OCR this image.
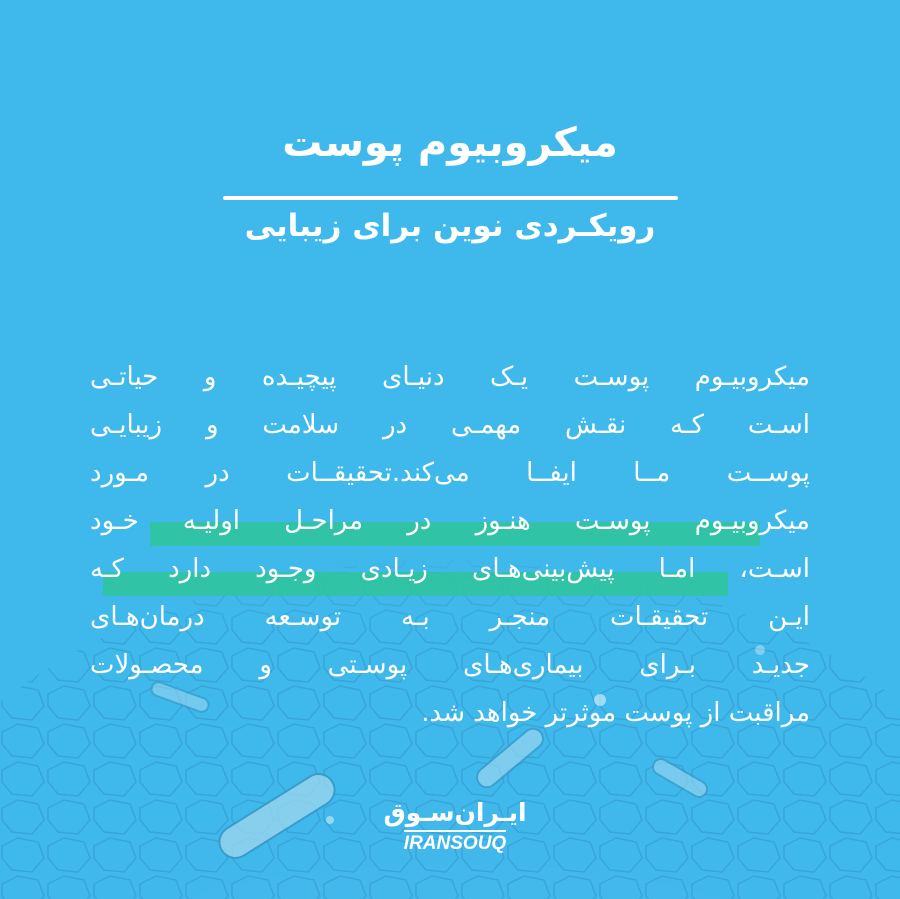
میکروبیوم پوست
رویکـردی نوین برای زیبایی
میکروبیـوم پوسـت یـک دنیـای پیچیـده و حیاتـی
اسـت کـه نقـش مهمـی در سلامت و زیبایـی
پوســت مــا ایفــا می‌کند.تحقیقــات در مـورد
میکروبیـوم پوسـت هنـوز در مراحـل اولیـه خـود
اسـت، امـا پیش‌بینی‌هـای زیـادی وجـود دارد کـه
ایـن تحقیقـات منجـر بـه توسـعه درمان‌هـای
جدیـد بـرای بیماری‌هـای پوسـتی و محصـولات
مراقبت از پوست موثرتر خواهد شد.
ایـران‌سـوق
IRANSOUQ
